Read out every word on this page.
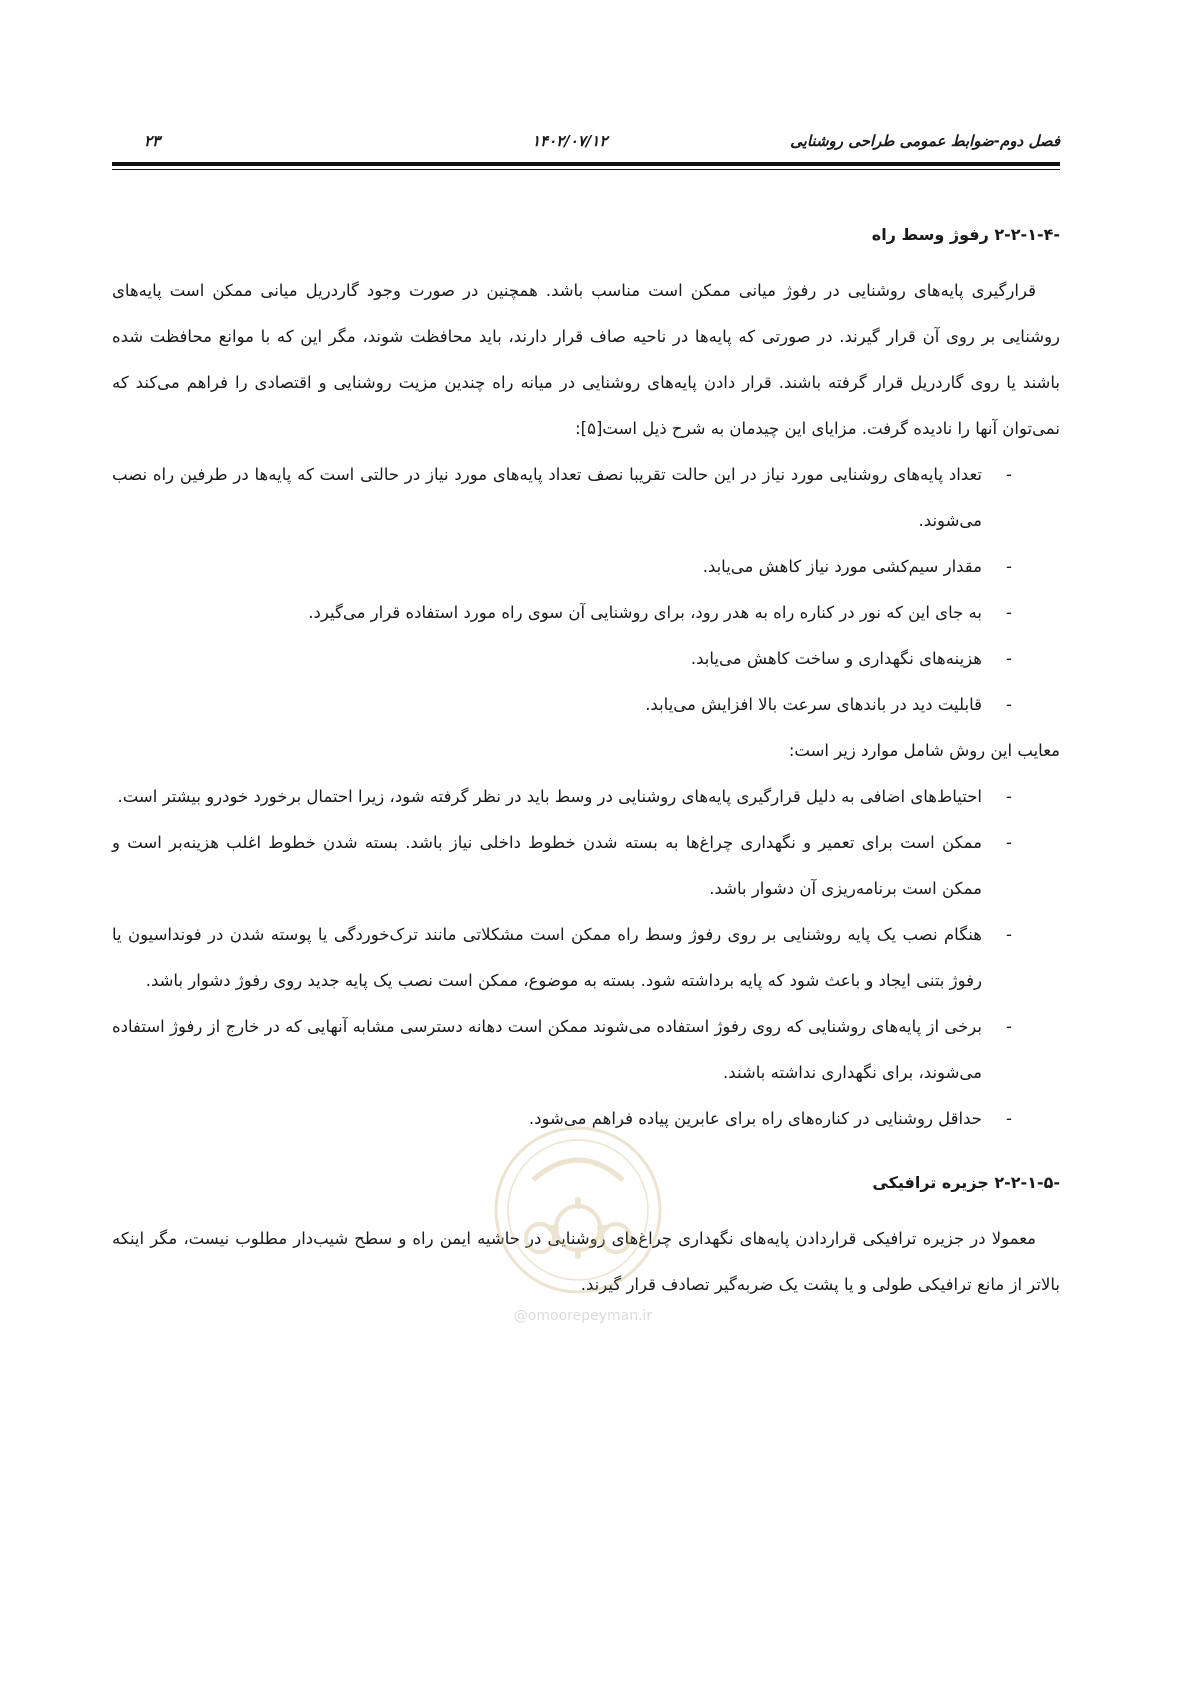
فصل دوم-ضوابط عمومی طراحی روشنایی
۱۴۰۲/۰۷/۱۲
۲۳
۲-۲-۱-۴- رفوژ وسط راه

قرارگیری پایه‌های روشنایی در رفوژ میانی ممکن است مناسب باشد. همچنین در صورت وجود گاردریل میانی ممکن است پایه‌های روشنایی بر روی آن قرار گیرند. در صورتی که پایه‌ها در ناحیه صاف قرار دارند، باید محافظت شوند، مگر این که با موانع محافظت شده باشند یا روی گاردریل قرار گرفته باشند. قرار دادن پایه‌های روشنایی در میانه راه چندین مزیت روشنایی و اقتصادی را فراهم می‌کند که نمی‌توان آنها را نادیده گرفت. مزایای این چیدمان به شرح ذیل است[۵]:

- تعداد پایه‌های روشنایی مورد نیاز در این حالت تقریبا نصف تعداد پایه‌های مورد نیاز در حالتی است که پایه‌ها در طرفین راه نصب می‌شوند.
- مقدار سیم‌کشی مورد نیاز کاهش می‌یابد.
- به جای این که نور در کناره راه به هدر رود، برای روشنایی آن سوی راه مورد استفاده قرار می‌گیرد.
- هزینه‌های نگهداری و ساخت کاهش می‌یابد.
- قابلیت دید در باندهای سرعت بالا افزایش می‌یابد.

معایب این روش شامل موارد زیر است:

- احتیاط‌های اضافی به دلیل قرارگیری پایه‌های روشنایی در وسط باید در نظر گرفته شود، زیرا احتمال برخورد خودرو بیشتر است.
- ممکن است برای تعمیر و نگهداری چراغ‌ها به بسته شدن خطوط داخلی نیاز باشد. بسته شدن خطوط اغلب هزینه‌بر است و ممکن است برنامه‌ریزی آن دشوار باشد.
- هنگام نصب یک پایه روشنایی بر روی رفوژ وسط راه ممکن است مشکلاتی مانند ترک‌خوردگی یا پوسته شدن در فونداسیون یا رفوژ بتنی ایجاد و باعث شود که پایه برداشته شود. بسته به موضوع، ممکن است نصب یک پایه جدید روی رفوژ دشوار باشد.
- برخی از پایه‌های روشنایی که روی رفوژ استفاده می‌شوند ممکن است دهانه دسترسی مشابه آنهایی که در خارج از رفوژ استفاده می‌شوند، برای نگهداری نداشته باشند.
- حداقل روشنایی در کناره‌های راه برای عابرین پیاده فراهم می‌شود.
۲-۲-۱-۵- جزیره ترافیکی

معمولا در جزیره ترافیکی قراردادن پایه‌های نگهداری چراغ‌های روشنایی در حاشیه ایمن راه و سطح شیب‌دار مطلوب نیست، مگر اینکه بالاتر از مانع ترافیکی طولی و یا پشت یک ضربه‌گیر تصادف قرار گیرند.

@omoorepeyman.ir
